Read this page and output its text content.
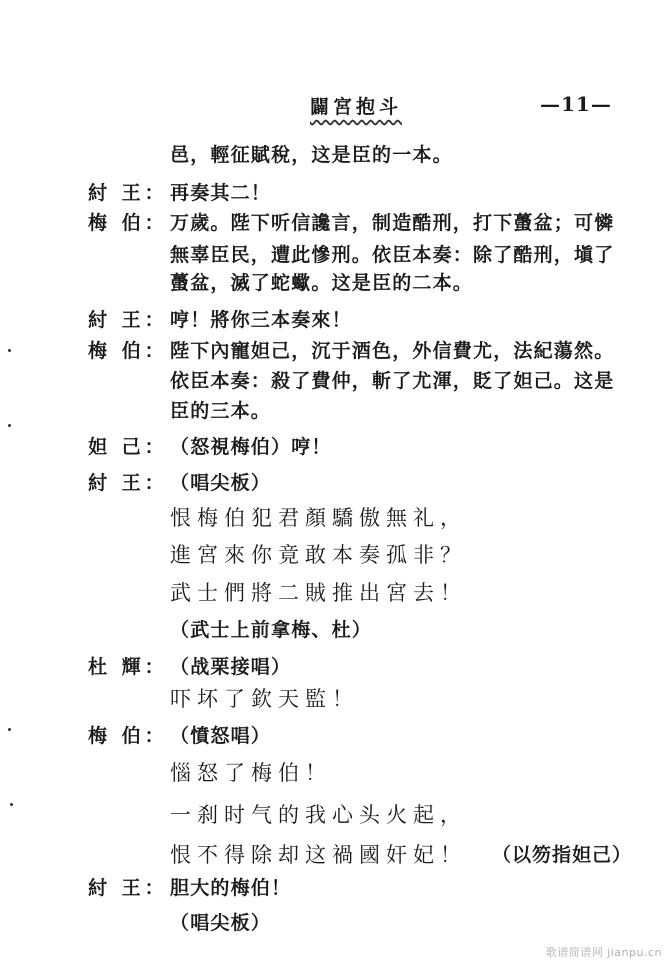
闢宮抱斗	—11—
邑，輕征賦稅，这是臣的一本。
紂 王： 再奏其二！
梅 伯： 万歲。陛下听信讒言，制造酷刑，打下蠆盆；可憐
無辜臣民，遭此慘刑。依臣本奏：除了酷刑，塡了
蠆盆，滅了蛇蠍。这是臣的二本。
紂 王： 哼！將你三本奏來！
梅 伯： 陛下內寵妲己，沉于酒色，外信費尤，法紀蕩然。
依臣本奏：殺了費仲，斬了尤渾，貶了妲己。这是
臣的三本。
妲 己： （怒視梅伯）哼！
紂 王： （唱尖板）
恨梅伯犯君顏驕傲無礼，
進宮來你竟敢本奏孤非？
武士們將二賊推出宮去！
（武士上前拿梅、杜）
杜 輝： （战栗接唱）
吓坏了欽天監！
梅 伯： （憤怒唱）
惱怒了梅伯！
一刹时气的我心头火起，
恨不得除却这禍國奸妃！ （以笏指妲己）
紂 王： 胆大的梅伯！
（唱尖板）
歌谱简谱网 jianpu.cn
